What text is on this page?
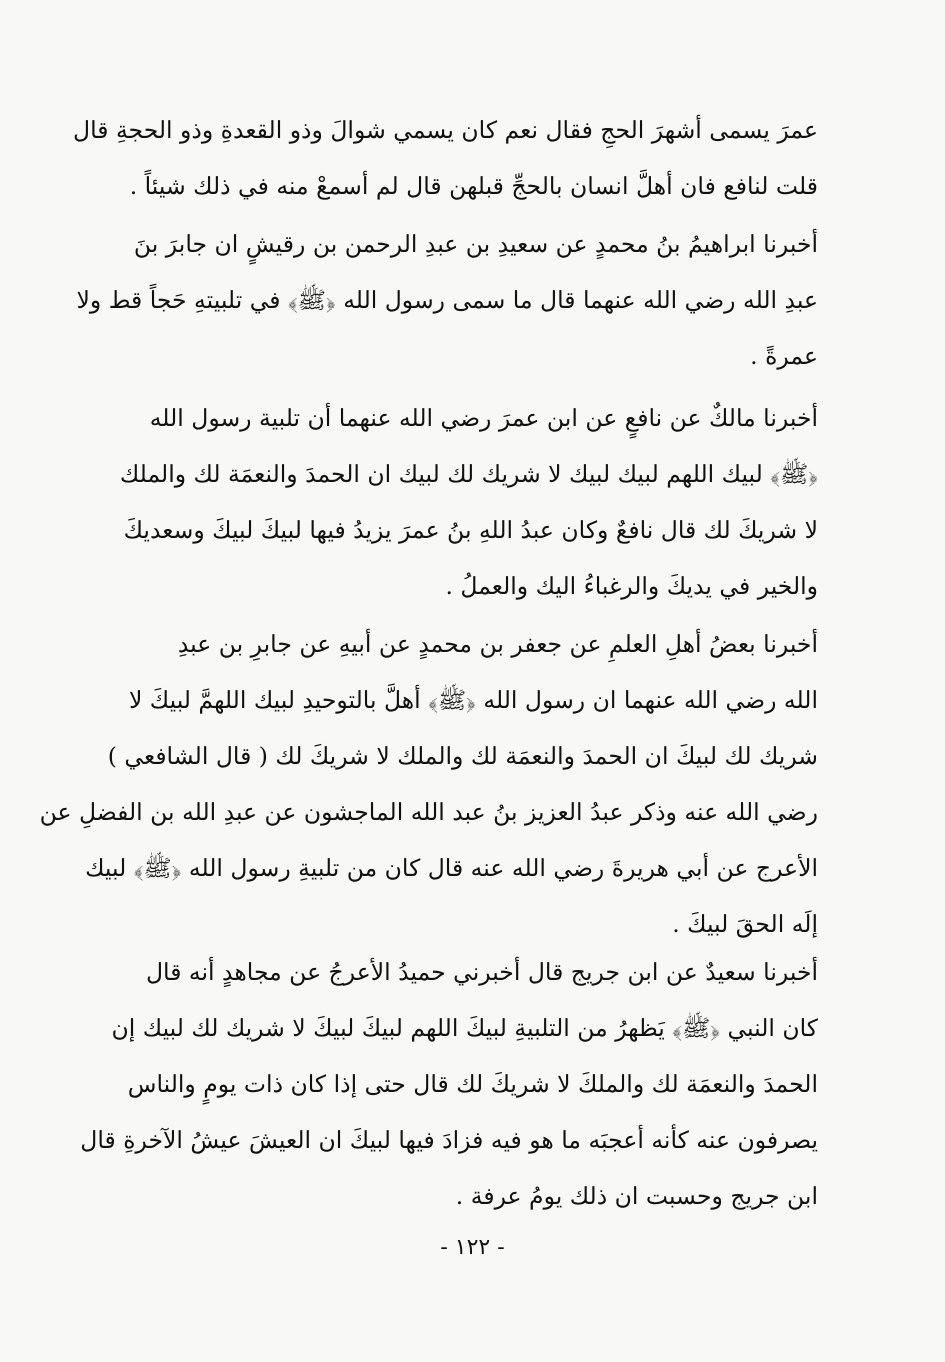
عمرَ يسمى أشهرَ الحجِ فقال نعم كان يسمي شوالَ وذو القعدةِ وذو الحجةِ قال
قلت لنافع فان أهلَّ انسان بالحجِّ قبلهن قال لم أسمعْ منه في ذلك شيئاً .
أخبرنا ابراهيمُ بنُ محمدٍ عن سعيدِ بن عبدِ الرحمن بن رقيشٍ ان جابرَ بنَ
عبدِ الله رضي الله عنهما قال ما سمى رسول الله ﴿ﷺ﴾ في تلبيتهِ حَجاً قط ولا
عمرةً .
أخبرنا مالكٌ عن نافعٍ عن ابن عمرَ رضي الله عنهما أن تلبية رسول الله
﴿ﷺ﴾ لبيك اللهم لبيك لبيك لا شريك لك لبيك ان الحمدَ والنعمَة لك والملك
لا شريكَ لك قال نافعٌ وكان عبدُ اللهِ بنُ عمرَ يزيدُ فيها لبيكَ لبيكَ وسعديكَ
والخير في يديكَ والرغباءُ اليك والعملُ .
أخبرنا بعضُ أهلِ العلمِ عن جعفر بن محمدٍ عن أبيهِ عن جابرِ بن عبدِ
الله رضي الله عنهما ان رسول الله ﴿ﷺ﴾ أهلَّ بالتوحيدِ لبيك اللهمَّ لبيكَ لا
شريك لك لبيكَ ان الحمدَ والنعمَة لك والملك لا شريكَ لك ( قال الشافعي )
رضي الله عنه وذكر عبدُ العزيز بنُ عبد الله الماجشون عن عبدِ الله بن الفضلِ عن
الأعرج عن أبي هريرةَ رضي الله عنه قال كان من تلبيةِ رسول الله ﴿ﷺ﴾ لبيك
إلَه الحقَ لبيكَ .
أخبرنا سعيدٌ عن ابن جريج قال أخبرني حميدُ الأعرجُ عن مجاهدٍ أنه قال
كان النبي ﴿ﷺ﴾ يَظهرُ من التلبيةِ لبيكَ اللهم لبيكَ لبيكَ لا شريك لك لبيك إن
الحمدَ والنعمَة لك والملكَ لا شريكَ لك قال حتى إذا كان ذات يومٍ والناس
يصرفون عنه كأنه أعجبَه ما هو فيه فزادَ فيها لبيكَ ان العيشَ عيشُ الآخرةِ قال
ابن جريج وحسبت ان ذلك يومُ عرفة .
- ١٢٢ -
